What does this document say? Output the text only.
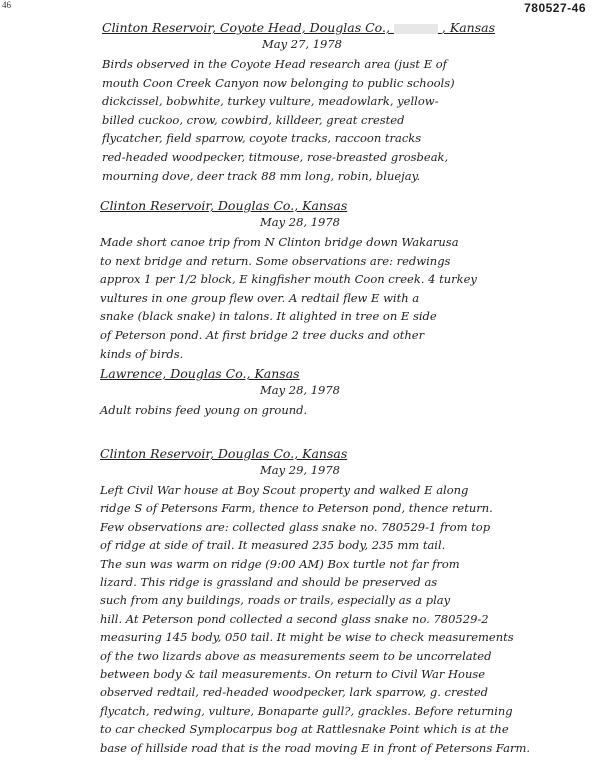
46	780527-46
Clinton Reservoir, Coyote Head, Douglas Co.,	, Kansas
May 27, 1978
Birds observed in the Coyote Head research area (just E of
mouth Coon Creek Canyon now belonging to public schools)
dickcissel, bobwhite, turkey vulture, meadowlark, yellow-
billed cuckoo, crow, cowbird, killdeer, great crested
flycatcher, field sparrow, coyote tracks, raccoon tracks
red-headed woodpecker, titmouse, rose-breasted grosbeak,
mourning dove, deer track 88 mm long, robin, bluejay.
Clinton Reservoir, Douglas Co., Kansas
May 28, 1978
Made short canoe trip from N Clinton bridge down Wakarusa
to next bridge and return. Some observations are: redwings
approx 1 per 1/2 block, E kingfisher mouth Coon creek. 4 turkey
vultures in one group flew over. A redtail flew E with a
snake (black snake) in talons. It alighted in tree on E side
of Peterson pond. At first bridge 2 tree ducks and other
kinds of birds.
Lawrence, Douglas Co., Kansas
May 28, 1978
Adult robins feed young on ground.
Clinton Reservoir, Douglas Co., Kansas
May 29, 1978
Left Civil War house at Boy Scout property and walked E along
ridge S of Petersons Farm, thence to Peterson pond, thence return.
Few observations are: collected glass snake no. 780529-1 from top
of ridge at side of trail. It measured 235 body, 235 mm tail.
The sun was warm on ridge (9:00 AM) Box turtle not far from
lizard. This ridge is grassland and should be preserved as
such from any buildings, roads or trails, especially as a play
hill. At Peterson pond collected a second glass snake no. 780529-2
measuring 145 body, 050 tail. It might be wise to check measurements
of the two lizards above as measurements seem to be uncorrelated
between body & tail measurements. On return to Civil War House
observed redtail, red-headed woodpecker, lark sparrow, g. crested
flycatch, redwing, vulture, Bonaparte gull?, grackles. Before returning
to car checked Symplocarpus bog at Rattlesnake Point which is at the
base of hillside road that is the road moving E in front of Petersons Farm.
